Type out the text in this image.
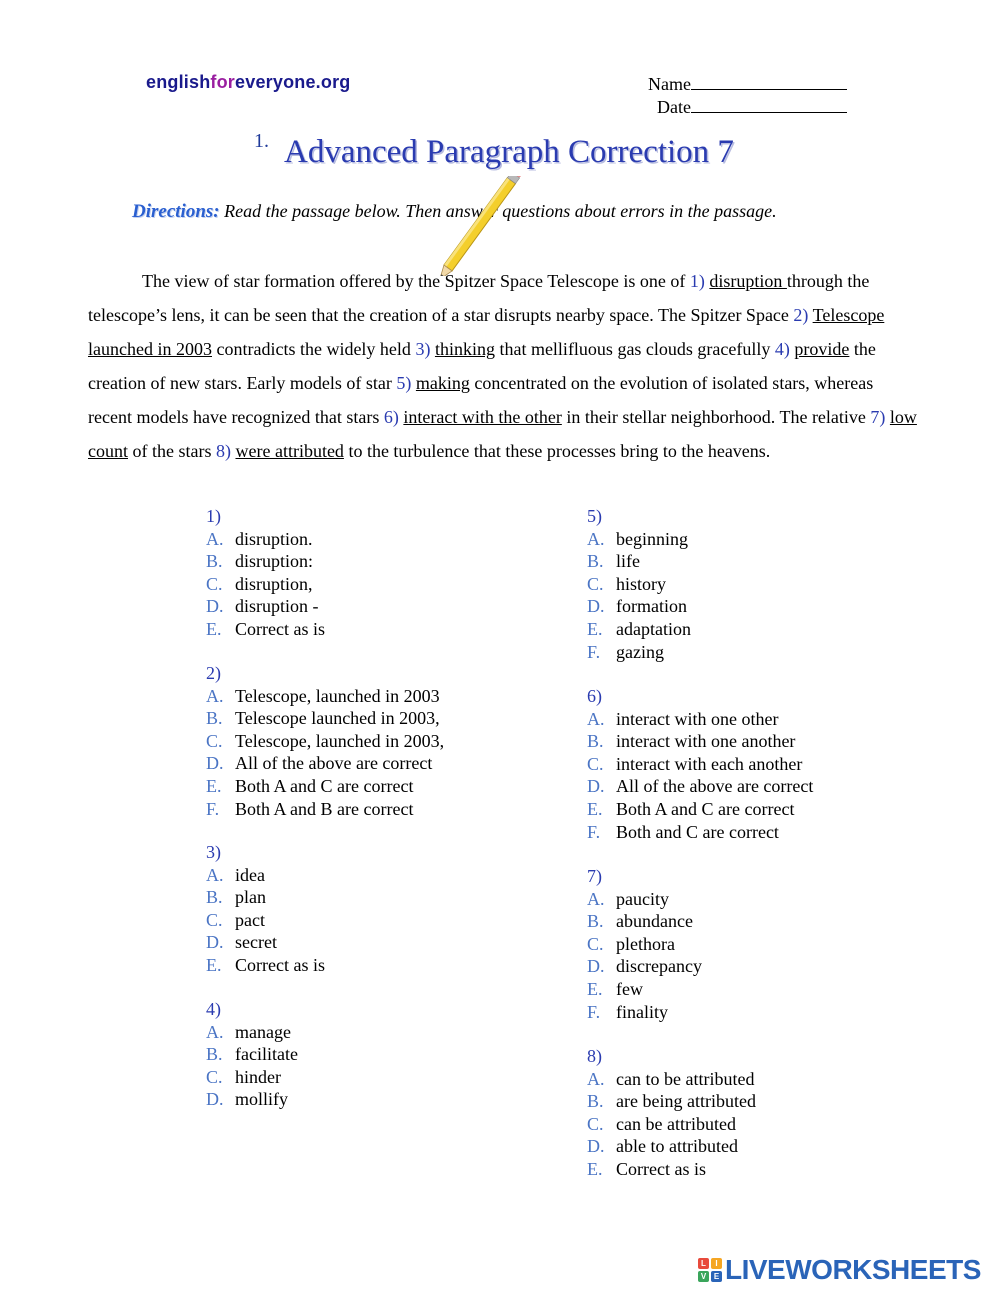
englishforeveryone.org	Name
Date
1. Advanced Paragraph Correction 7
Directions: Read the passage below. Then answer questions about errors in the passage.

The view of star formation offered by the Spitzer Space Telescope is one of 1) disruption through the telescope’s lens, it can be seen that the creation of a star disrupts nearby space. The Spitzer Space 2) Telescope launched in 2003 contradicts the widely held 3) thinking that mellifluous gas clouds gracefully 4) provide the creation of new stars. Early models of star 5) making concentrated on the evolution of isolated stars, whereas recent models have recognized that stars 6) interact with the other in their stellar neighborhood. The relative 7) low count of the stars 8) were attributed to the turbulence that these processes bring to the heavens.

1)
A. disruption.
B. disruption:
C. disruption,
D. disruption -
E. Correct as is
2)
A. Telescope, launched in 2003
B. Telescope launched in 2003,
C. Telescope, launched in 2003,
D. All of the above are correct
E. Both A and C are correct
F. Both A and B are correct
3)
A. idea
B. plan
C. pact
D. secret
E. Correct as is
4)
A. manage
B. facilitate
C. hinder
D. mollify
5)
A. beginning
B. life
C. history
D. formation
E. adaptation
F. gazing
6)
A. interact with one other
B. interact with one another
C. interact with each another
D. All of the above are correct
E. Both A and C are correct
F. Both and C are correct
7)
A. paucity
B. abundance
C. plethora
D. discrepancy
E. few
F. finality
8)
A. can to be attributed
B. are being attributed
C. can be attributed
D. able to attributed
E. Correct as is
L	I
V E LIVEWORKSHEETS
